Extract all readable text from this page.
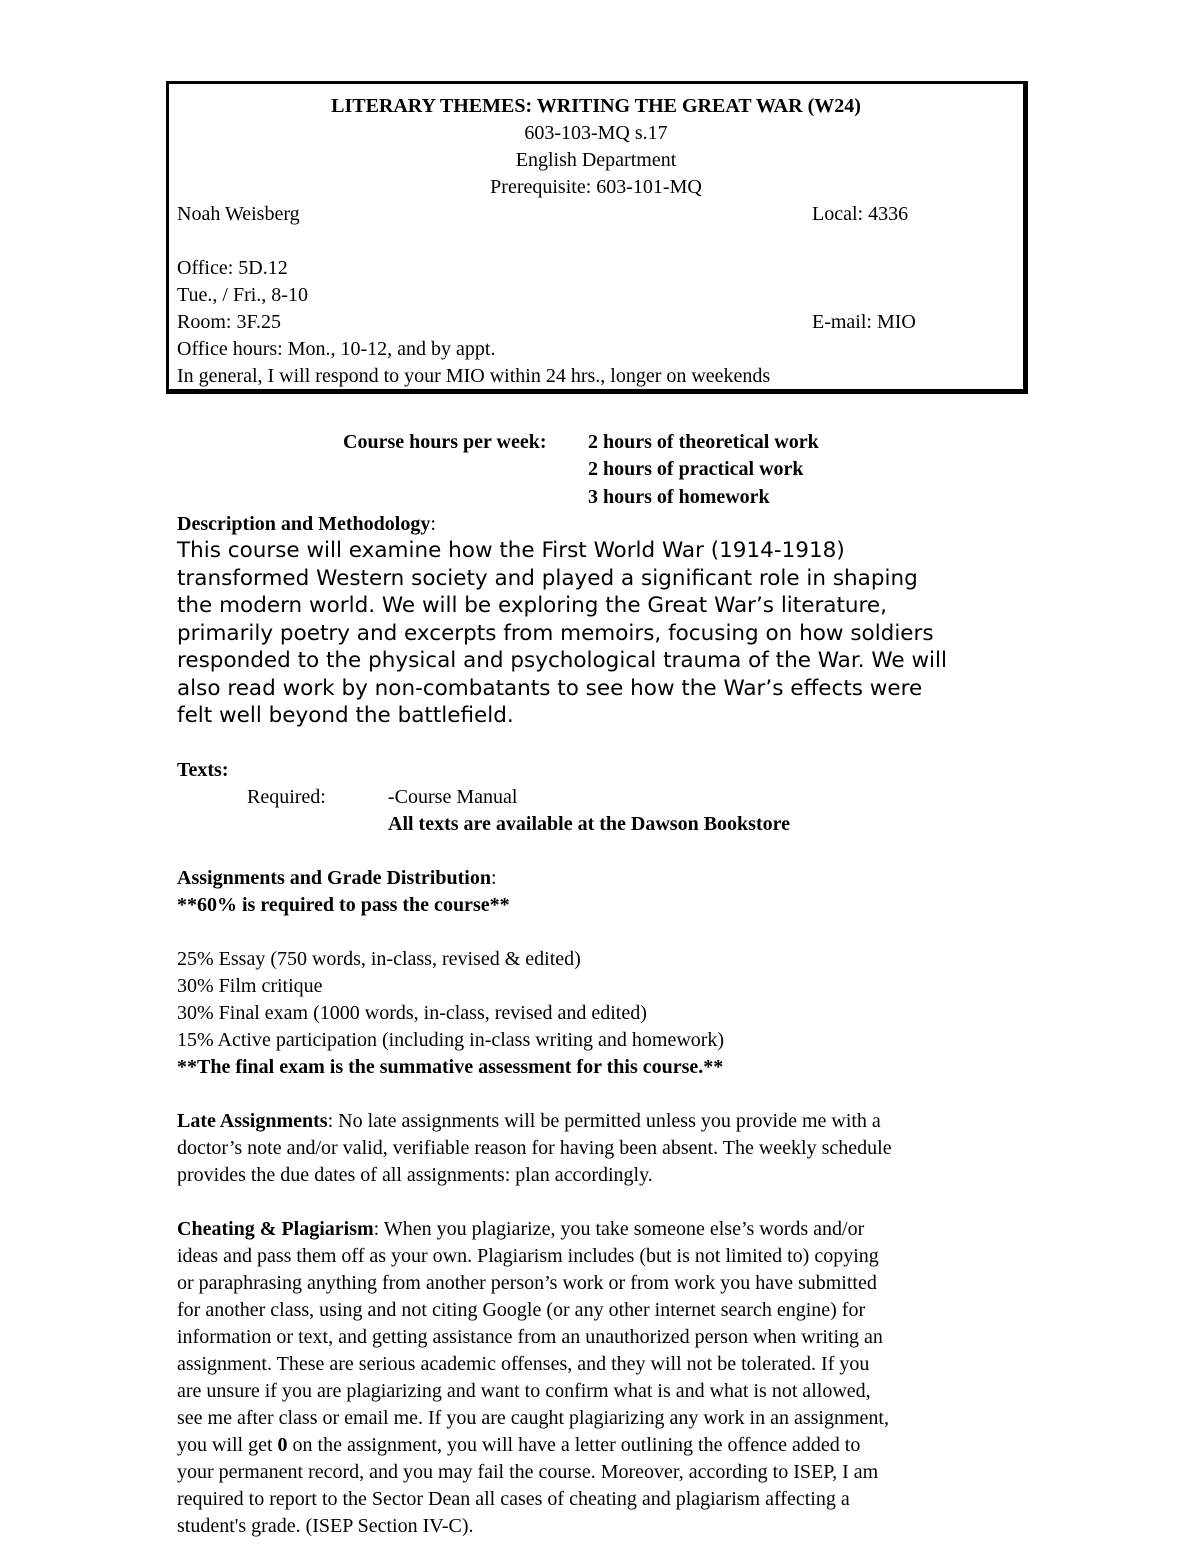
LITERARY THEMES: WRITING THE GREAT WAR (W24)
603-103-MQ s.17
English Department
Prerequisite: 603-101-MQ
Noah Weisberg	Local: 4336
Office: 5D.12
Tue., / Fri., 8-10
Room: 3F.25	E-mail: MIO
Office hours: Mon., 10-12, and by appt.
In general, I will respond to your MIO within 24 hrs., longer on weekends
Course hours per week: 2 hours of theoretical work
2 hours of practical work
3 hours of homework
Description and Methodology:
This course will examine how the First World War (1914-1918)
transformed Western society and played a significant role in shaping
the modern world. We will be exploring the Great War’s literature,
primarily poetry and excerpts from memoirs, focusing on how soldiers
responded to the physical and psychological trauma of the War. We will
also read work by non-combatants to see how the War’s effects were
felt well beyond the battlefield.
Texts:
Required:	-Course Manual
All texts are available at the Dawson Bookstore
Assignments and Grade Distribution:
**60% is required to pass the course**
25% Essay (750 words, in-class, revised & edited)
30% Film critique
30% Final exam (1000 words, in-class, revised and edited)
15% Active participation (including in-class writing and homework)
**The final exam is the summative assessment for this course.**

Late Assignments: No late assignments will be permitted unless you provide me with a

doctor’s note and/or valid, verifiable reason for having been absent. The weekly schedule

provides the due dates of all assignments: plan accordingly.

Cheating & Plagiarism: When you plagiarize, you take someone else’s words and/or

ideas and pass them off as your own. Plagiarism includes (but is not limited to) copying

or paraphrasing anything from another person’s work or from work you have submitted

for another class, using and not citing Google (or any other internet search engine) for

information or text, and getting assistance from an unauthorized person when writing an

assignment. These are serious academic offenses, and they will not be tolerated. If you

are unsure if you are plagiarizing and want to confirm what is and what is not allowed,

see me after class or email me. If you are caught plagiarizing any work in an assignment,

you will get 0 on the assignment, you will have a letter outlining the offence added to

your permanent record, and you may fail the course. Moreover, according to ISEP, I am

required to report to the Sector Dean all cases of cheating and plagiarism affecting a

student's grade. (ISEP Section IV-C).
